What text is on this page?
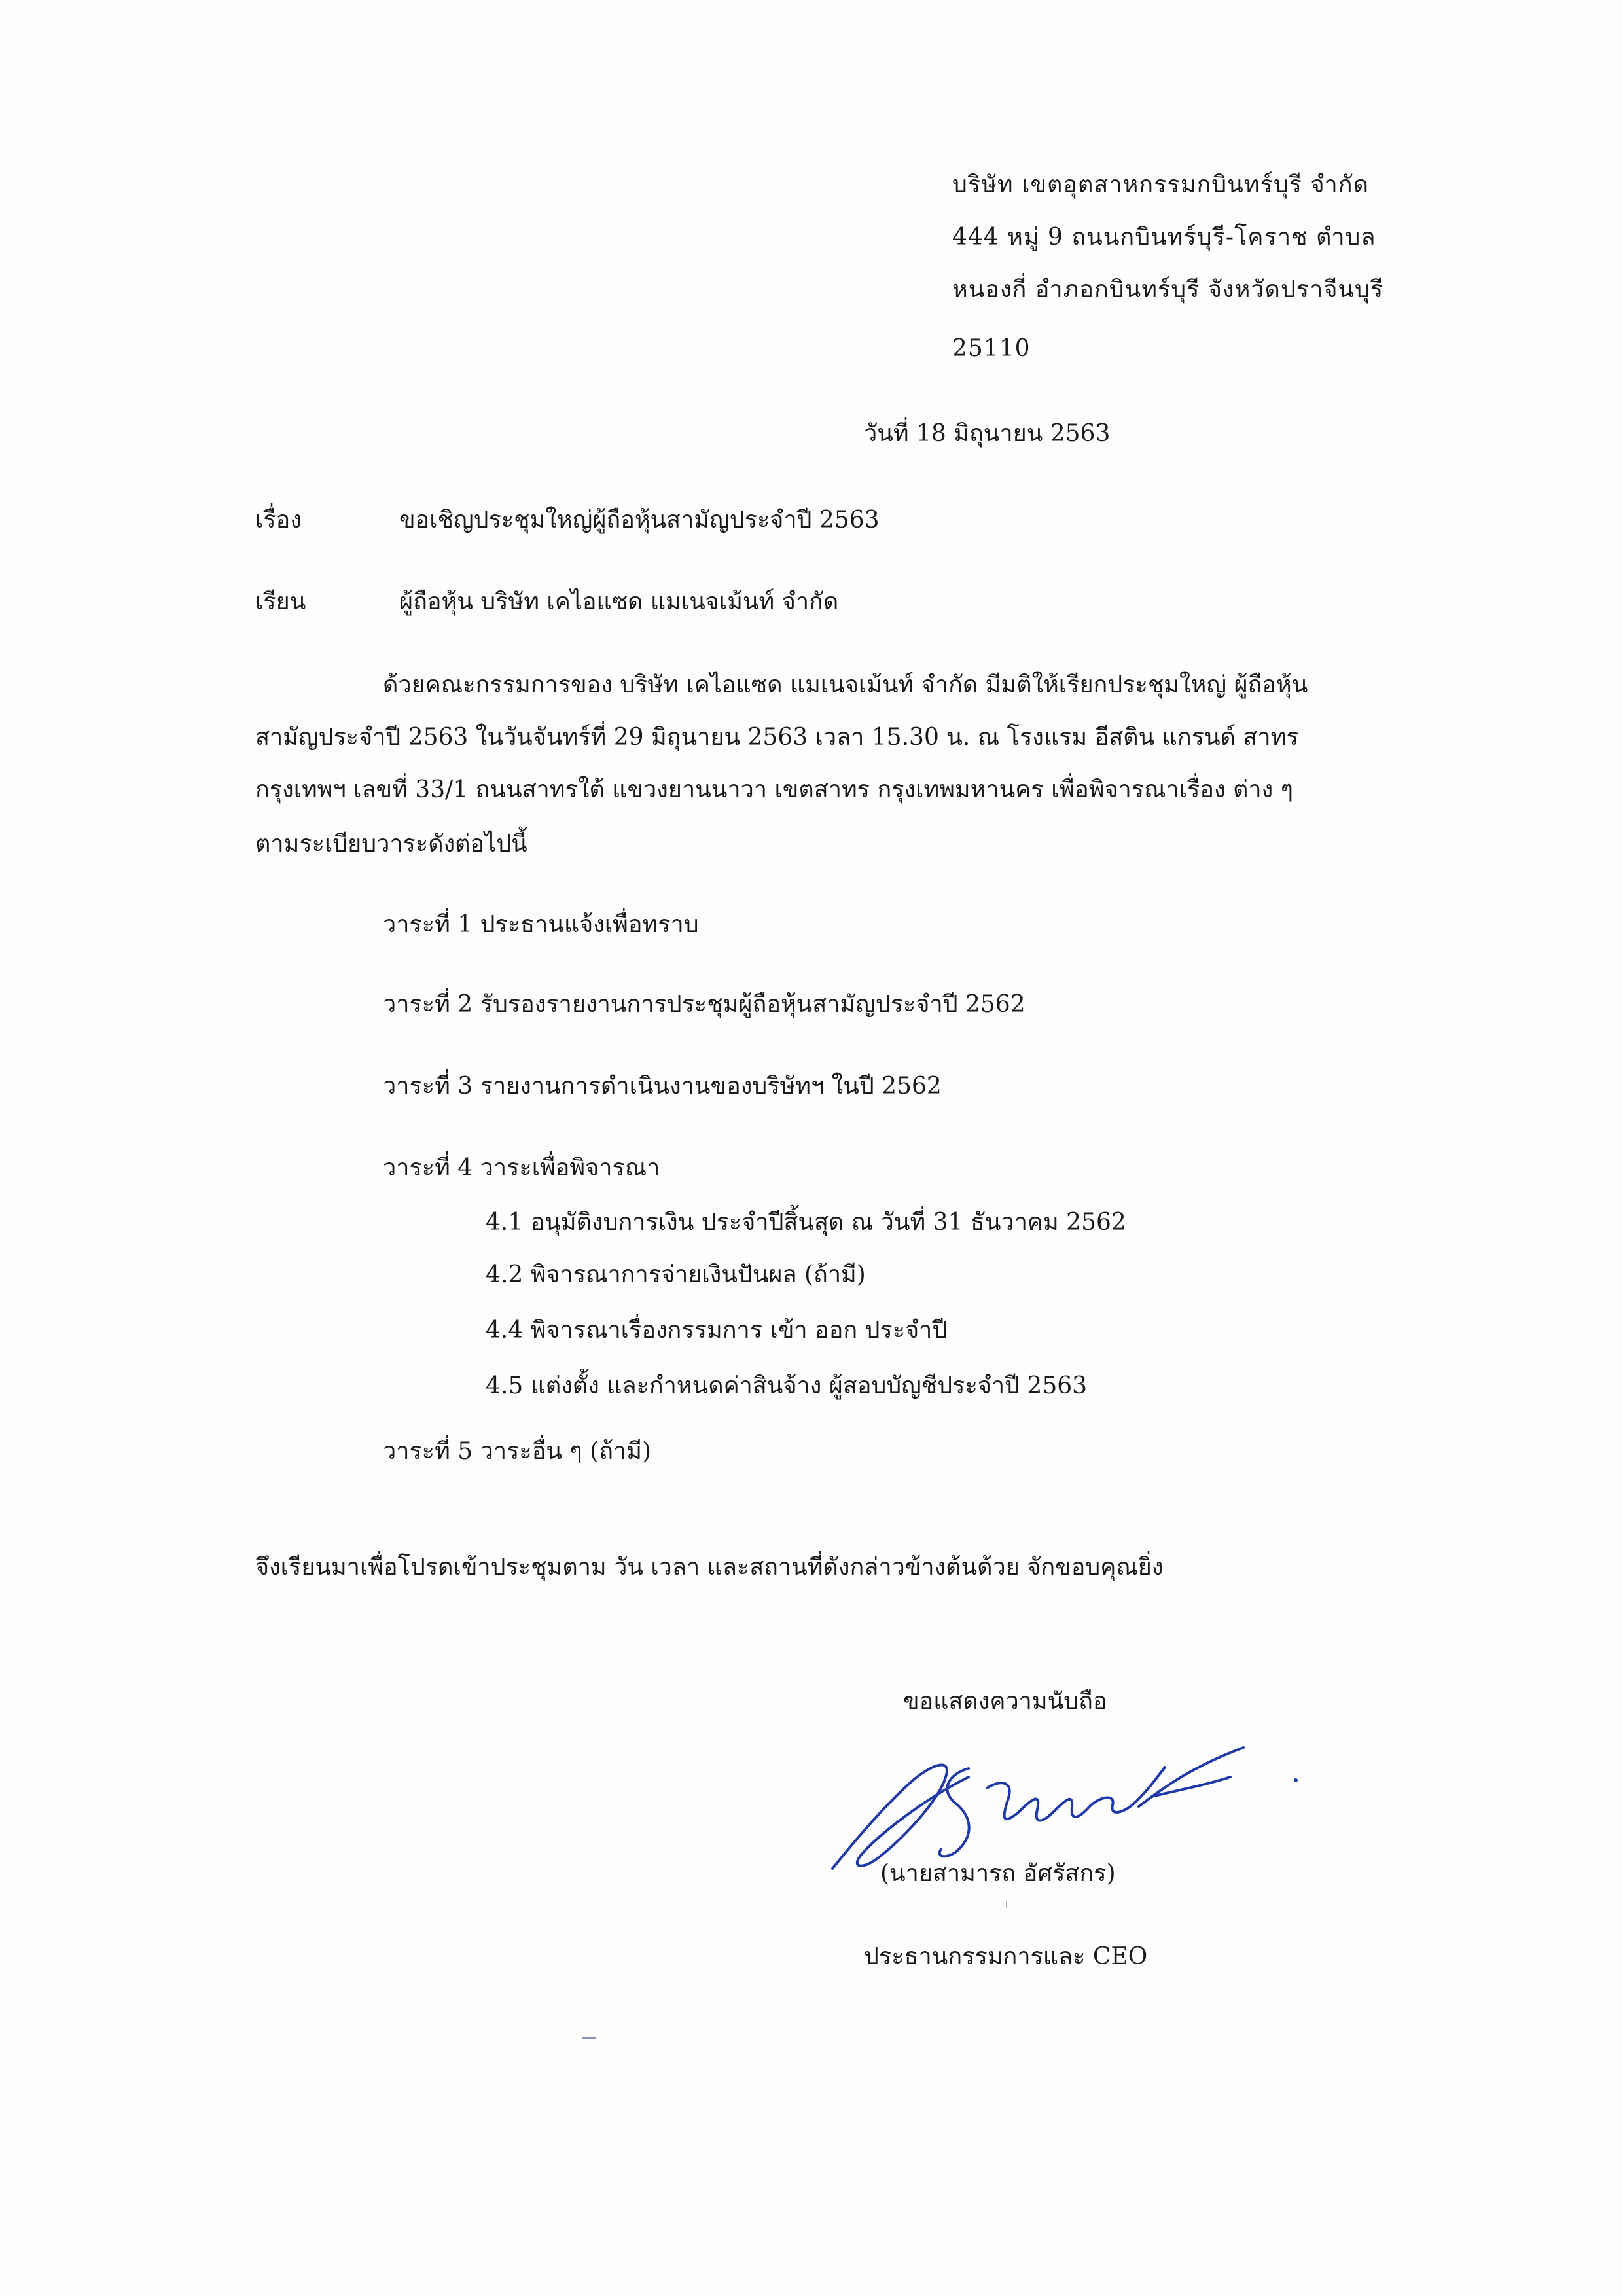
บริษัท เขตอุตสาหกรรมกบินทร์บุรี จำกัด
444 หมู่ 9 ถนนกบินทร์บุรี-โคราช ตำบล
หนองกี่ อำภอกบินทร์บุรี จังหวัดปราจีนบุรี
25110
วันที่ 18 มิถุนายน 2563
เรื่อง	ขอเชิญประชุมใหญ่ผู้ถือหุ้นสามัญประจำปี 2563
เรียน	ผู้ถือหุ้น บริษัท เคไอแซด แมเนจเม้นท์ จำกัด
ด้วยคณะกรรมการของ บริษัท เคไอแซด แมเนจเม้นท์ จำกัด มีมติให้เรียกประชุมใหญ่ ผู้ถือหุ้น
สามัญประจำปี 2563 ในวันจันทร์ที่ 29 มิถุนายน 2563 เวลา 15.30 น. ณ โรงแรม อีสติน แกรนด์ สาทร
กรุงเทพฯ เลขที่ 33/1 ถนนสาทรใต้ แขวงยานนาวา เขตสาทร กรุงเทพมหานคร เพื่อพิจารณาเรื่อง ต่าง ๆ
ตามระเบียบวาระดังต่อไปนี้
วาระที่ 1 ประธานแจ้งเพื่อทราบ
วาระที่ 2 รับรองรายงานการประชุมผู้ถือหุ้นสามัญประจำปี 2562
วาระที่ 3 รายงานการดำเนินงานของบริษัทฯ ในปี 2562
วาระที่ 4 วาระเพื่อพิจารณา
4.1 อนุมัติงบการเงิน ประจำปีสิ้นสุด ณ วันที่ 31 ธันวาคม 2562
4.2 พิจารณาการจ่ายเงินปันผล (ถ้ามี)
4.4 พิจารณาเรื่องกรรมการ เข้า ออก ประจำปี
4.5 แต่งตั้ง และกำหนดค่าสินจ้าง ผู้สอบบัญชีประจำปี 2563
วาระที่ 5 วาระอื่น ๆ (ถ้ามี)
จึงเรียนมาเพื่อโปรดเข้าประชุมตาม วัน เวลา และสถานที่ดังกล่าวข้างต้นด้วย จักขอบคุณยิ่ง
ขอแสดงความนับถือ
(นายสามารถ อัศรัสกร)
ประธานกรรมการและ CEO
